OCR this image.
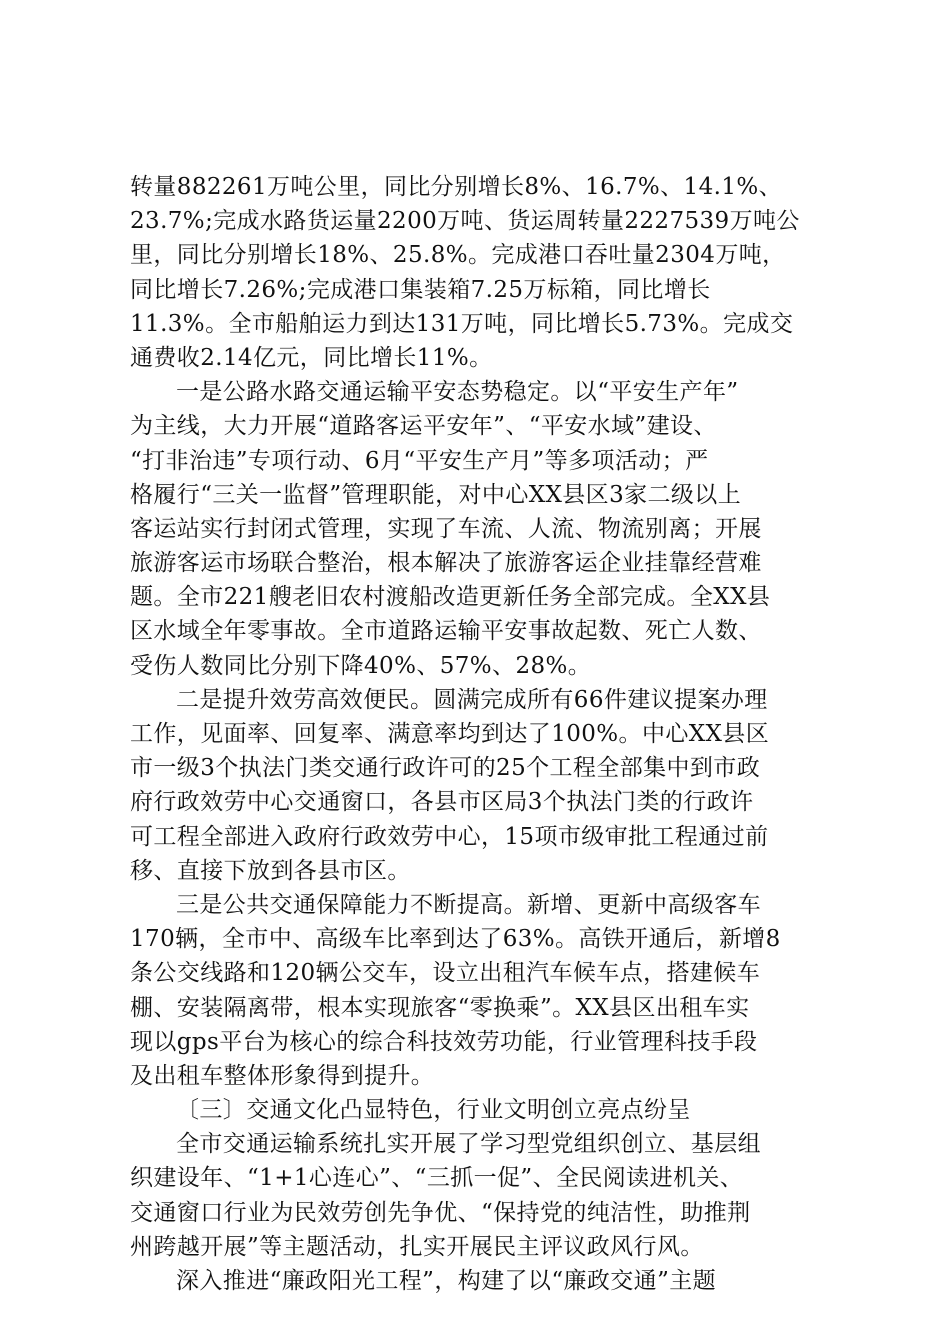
转量882261万吨公里，同比分别增长8%、16.7%、14.1%、
23.7%;完成水路货运量2200万吨、货运周转量2227539万吨公
里，同比分别增长18%、25.8%。完成港口吞吐量2304万吨，
同比增长7.26%;完成港口集装箱7.25万标箱，同比增长
11.3%。全市船舶运力到达131万吨，同比增长5.73%。完成交
通费收2.14亿元，同比增长11%。
一是公路水路交通运输平安态势稳定。以“平安生产年”
为主线，大力开展“道路客运平安年”、“平安水域”建设、
“打非治违”专项行动、6月“平安生产月”等多项活动；严
格履行“三关一监督”管理职能，对中心XX县区3家二级以上
客运站实行封闭式管理，实现了车流、人流、物流别离；开展
旅游客运市场联合整治，根本解决了旅游客运企业挂靠经营难
题。全市221艘老旧农村渡船改造更新任务全部完成。全XX县
区水域全年零事故。全市道路运输平安事故起数、死亡人数、
受伤人数同比分别下降40%、57%、28%。
二是提升效劳高效便民。圆满完成所有66件建议提案办理
工作，见面率、回复率、满意率均到达了100%。中心XX县区
市一级3个执法门类交通行政许可的25个工程全部集中到市政
府行政效劳中心交通窗口，各县市区局3个执法门类的行政许
可工程全部进入政府行政效劳中心，15项市级审批工程通过前
移、直接下放到各县市区。
三是公共交通保障能力不断提高。新增、更新中高级客车
170辆，全市中、高级车比率到达了63%。高铁开通后，新增8
条公交线路和120辆公交车，设立出租汽车候车点，搭建候车
棚、安装隔离带，根本实现旅客“零换乘”。XX县区出租车实
现以gps平台为核心的综合科技效劳功能，行业管理科技手段
及出租车整体形象得到提升。
〔三〕交通文化凸显特色，行业文明创立亮点纷呈
全市交通运输系统扎实开展了学习型党组织创立、基层组
织建设年、“1+1心连心”、“三抓一促”、全民阅读进机关、
交通窗口行业为民效劳创先争优、“保持党的纯洁性，助推荆
州跨越开展”等主题活动，扎实开展民主评议政风行风。
深入推进“廉政阳光工程”，构建了以“廉政交通”主题
